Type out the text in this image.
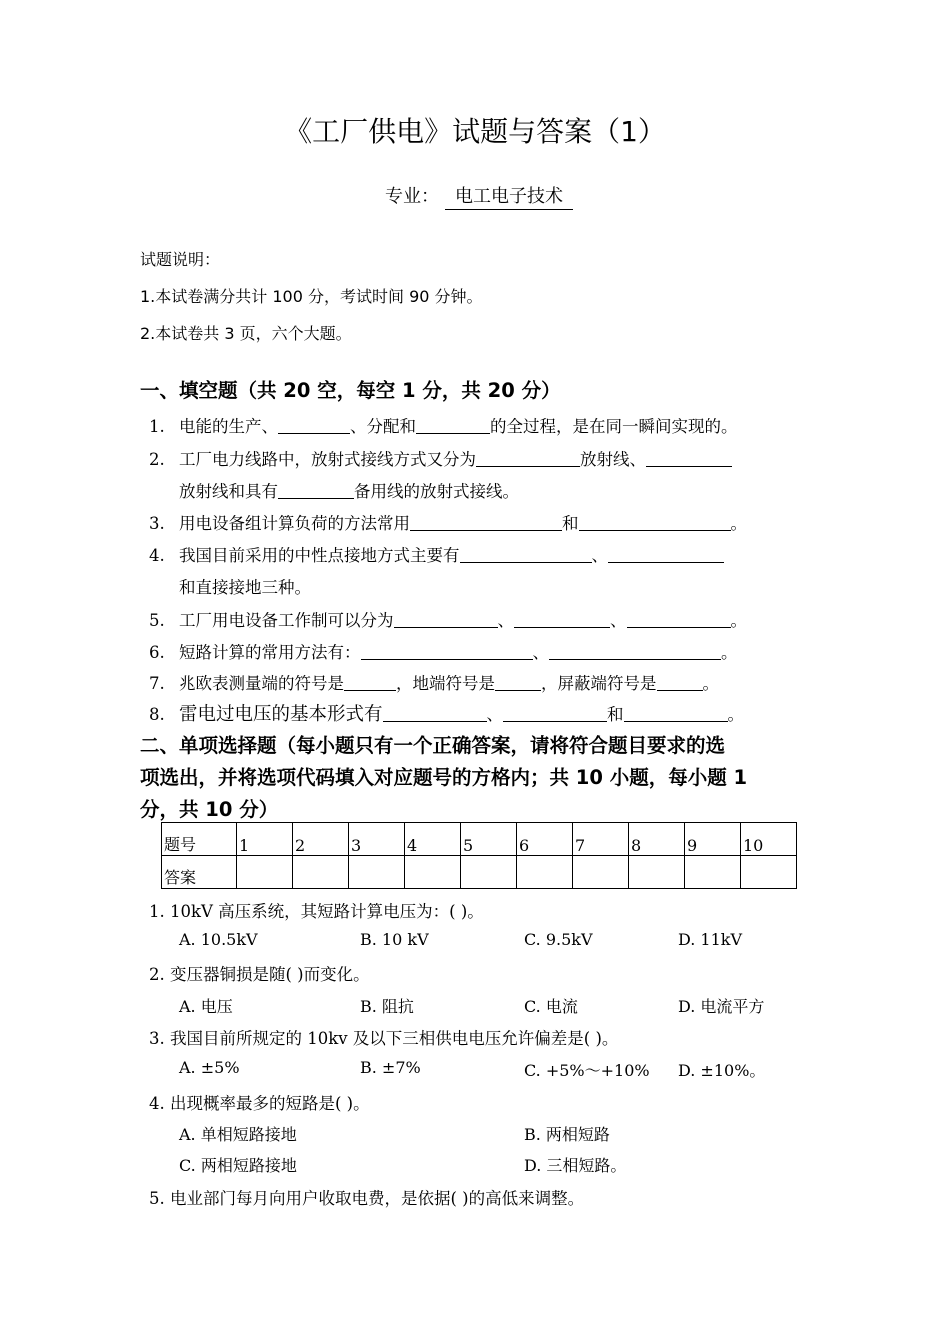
《工厂供电》试题与答案（1）
专业： 电工电子技术
试题说明：
1.本试卷满分共计 100 分，考试时间 90 分钟。
2.本试卷共 3 页，六个大题。
一、填空题（共 20 空，每空 1 分，共 20 分）
1. 电能的生产、	、分配和	的全过程，是在同一瞬间实现的。
2. 工厂电力线路中，放射式接线方式又分为	放射线、
放射线和具有	备用线的放射式接线。
3. 用电设备组计算负荷的方法常用	和	。
4. 我国目前采用的中性点接地方式主要有	、
和直接接地三种。
5. 工厂用电设备工作制可以分为	、	、	。
6. 短路计算的常用方法有：	、	。
7. 兆欧表测量端的符号是	，地端符号是	，屏蔽端符号是	。
8. 雷电过电压的基本形式有	、	和	。
二、单项选择题（每小题只有一个正确答案，请将符合题目要求的选
项选出，并将选项代码填入对应题号的方格内；共 10 小题，每小题 1
分，共 10 分）
题号	1	2	3	4	5	6	7	8	9	10
答案										
1. 10kV 高压系统，其短路计算电压为：( )。
A. 10.5kV	B. 10 kV	C. 9.5kV	D. 11kV
2. 变压器铜损是随( )而变化。
A. 电压	B. 阻抗	C. 电流	D. 电流平方
3. 我国目前所规定的 10kv 及以下三相供电电压允许偏差是( )。
A. ±5%	B. ±7%	C. +5%～+10% D. ±10%。
4. 出现概率最多的短路是( )。
A. 单相短路接地	B. 两相短路
C. 两相短路接地	D. 三相短路。
5. 电业部门每月向用户收取电费，是依据( )的高低来调整。
